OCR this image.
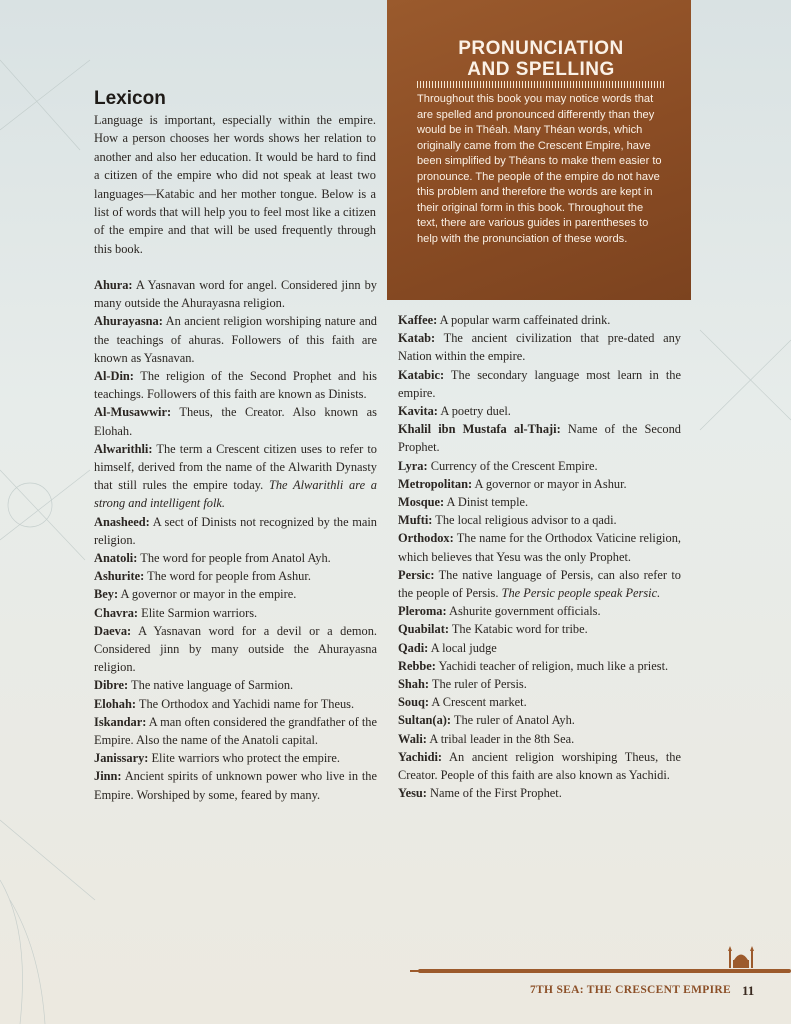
PRONUNCIATION
AND SPELLING

Throughout this book you may notice words that are spelled and pronounced differently than they would be in Théah. Many Théan words, which originally came from the Crescent Empire, have been simplified by Théans to make them easier to pronounce. The people of the empire do not have this problem and therefore the words are kept in their original form in this book. Throughout the text, there are various guides in parentheses to help with the pronunciation of these words.

Lexicon

Language is important, especially within the empire. How a person chooses her words shows her relation to another and also her education. It would be hard to find a citizen of the empire who did not speak at least two languages—Katabic and her mother tongue. Below is a list of words that will help you to feel most like a citizen of the empire and that will be used frequently through this book.

Ahura: A Yasnavan word for angel. Considered jinn by many outside the Ahurayasna religion.

Ahurayasna: An ancient religion worshiping nature and the teachings of ahuras. Followers of this faith are known as Yasnavan.

Al-Din: The religion of the Second Prophet and his teachings. Followers of this faith are known as Dinists.

Al-Musawwir: Theus, the Creator. Also known as Elohah.

Alwarithli: The term a Crescent citizen uses to refer to himself, derived from the name of the Alwarith Dynasty that still rules the empire today. The Alwarithli are a strong and intelligent folk.

Anasheed: A sect of Dinists not recognized by the main religion.

Anatoli: The word for people from Anatol Ayh.

Ashurite: The word for people from Ashur.

Bey: A governor or mayor in the empire.

Chavra: Elite Sarmion warriors.

Daeva: A Yasnavan word for a devil or a demon. Considered jinn by many outside the Ahurayasna religion.

Dibre: The native language of Sarmion.

Elohah: The Orthodox and Yachidi name for Theus.

Iskandar: A man often considered the grandfather of the Empire. Also the name of the Anatoli capital.

Janissary: Elite warriors who protect the empire.

Jinn: Ancient spirits of unknown power who live in the Empire. Worshiped by some, feared by many.

Kaffee: A popular warm caffeinated drink.

Katab: The ancient civilization that pre-dated any Nation within the empire.

Katabic: The secondary language most learn in the empire.

Kavita: A poetry duel.

Khalil ibn Mustafa al-Thaji: Name of the Second Prophet.

Lyra: Currency of the Crescent Empire.

Metropolitan: A governor or mayor in Ashur.

Mosque: A Dinist temple.

Mufti: The local religious advisor to a qadi.

Orthodox: The name for the Orthodox Vaticine religion, which believes that Yesu was the only Prophet.

Persic: The native language of Persis, can also refer to the people of Persis. The Persic people speak Persic.

Pleroma: Ashurite government officials.

Quabilat: The Katabic word for tribe.

Qadi: A local judge

Rebbe: Yachidi teacher of religion, much like a priest.

Shah: The ruler of Persis.

Souq: A Crescent market.

Sultan(a): The ruler of Anatol Ayh.

Wali: A tribal leader in the 8th Sea.

Yachidi: An ancient religion worshiping Theus, the Creator. People of this faith are also known as Yachidi.

Yesu: Name of the First Prophet.

7TH SEA: THE CRESCENT EMPIRE 11
